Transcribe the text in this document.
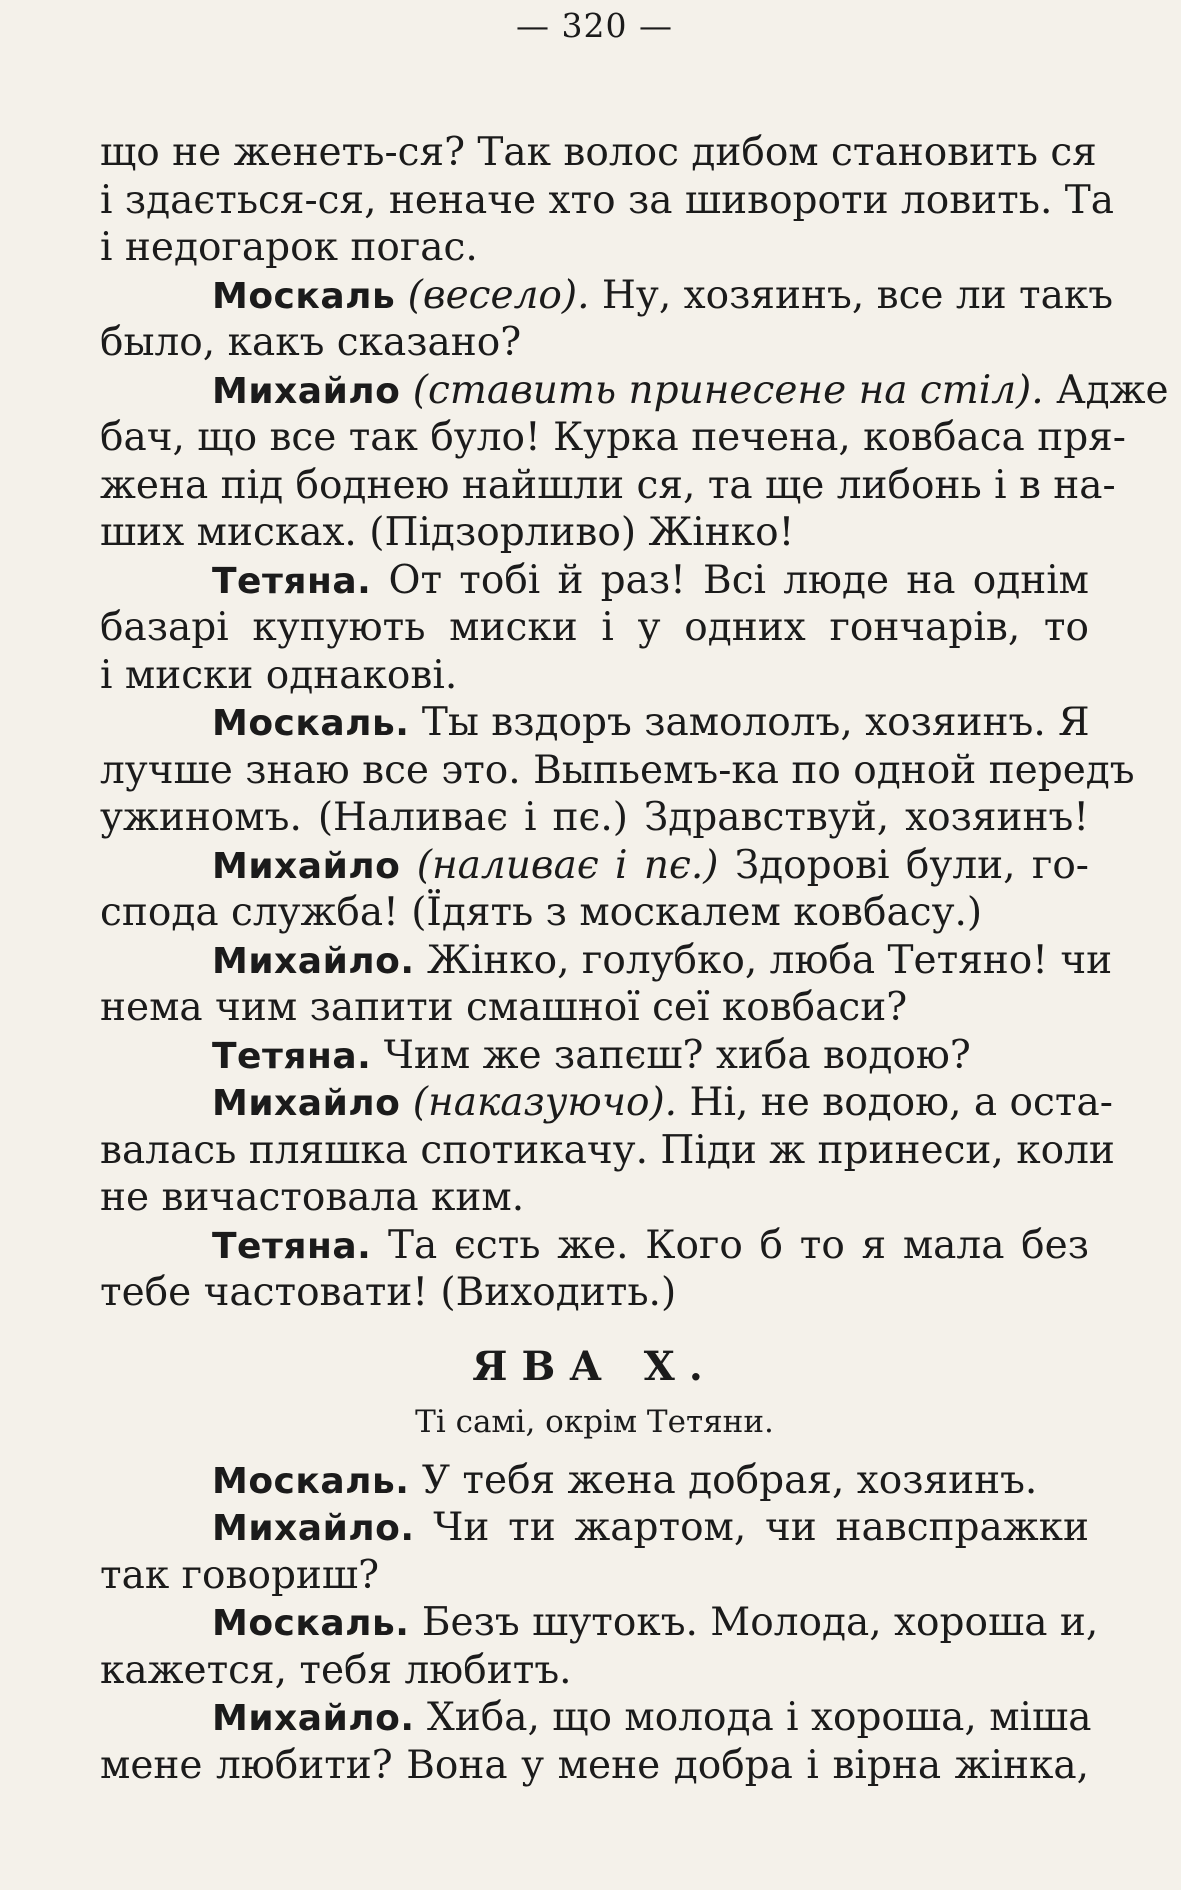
— 320 —
що не женеть-ся? Так волос дибом становить ся
і здається-ся, неначе хто за шивороти ловить. Та
і недогарок погас.
Москаль (весело). Ну, хозяинъ, все ли такъ
было, какъ сказано?
Михайло (ставить принесене на стіл). Адже
бач, що все так було! Курка печена, ковбаса пря-
жена під боднею найшли ся, та ще либонь і в на-
ших мисках. (Підзорливо) Жінко!
Тетяна. От тобі й раз! Всі люде на однім
базарі купують миски і у одних гончарів, то
і миски однакові.
Москаль. Ты вздоръ замололъ, хозяинъ. Я
лучше знаю все это. Выпьемъ-ка по одной передъ
ужиномъ. (Наливає і пє.) Здравствуй, хозяинъ!
Михайло (наливає і пє.) Здорові були, го-
спода служба! (Їдять з москалем ковбасу.)
Михайло. Жінко, голубко, люба Тетяно! чи
нема чим запити смашної сеї ковбаси?
Тетяна. Чим же запєш? хиба водою?
Михайло (наказуючо). Ні, не водою, а оста-
валась пляшка спотикачу. Піди ж принеси, коли
не вичастовала ким.
Тетяна. Та єсть же. Кого б то я мала без
тебе частовати! (Виходить.)
ЯВА Х.
Ті самі, окрім Тетяни.
Москаль. У тебя жена добрая, хозяинъ.
Михайло. Чи ти жартом, чи навспражки
так говориш?
Москаль. Безъ шутокъ. Молода, хороша и,
кажется, тебя любитъ.
Михайло. Хиба, що молода і хороша, міша
мене любити? Вона у мене добра і вірна жінка,
